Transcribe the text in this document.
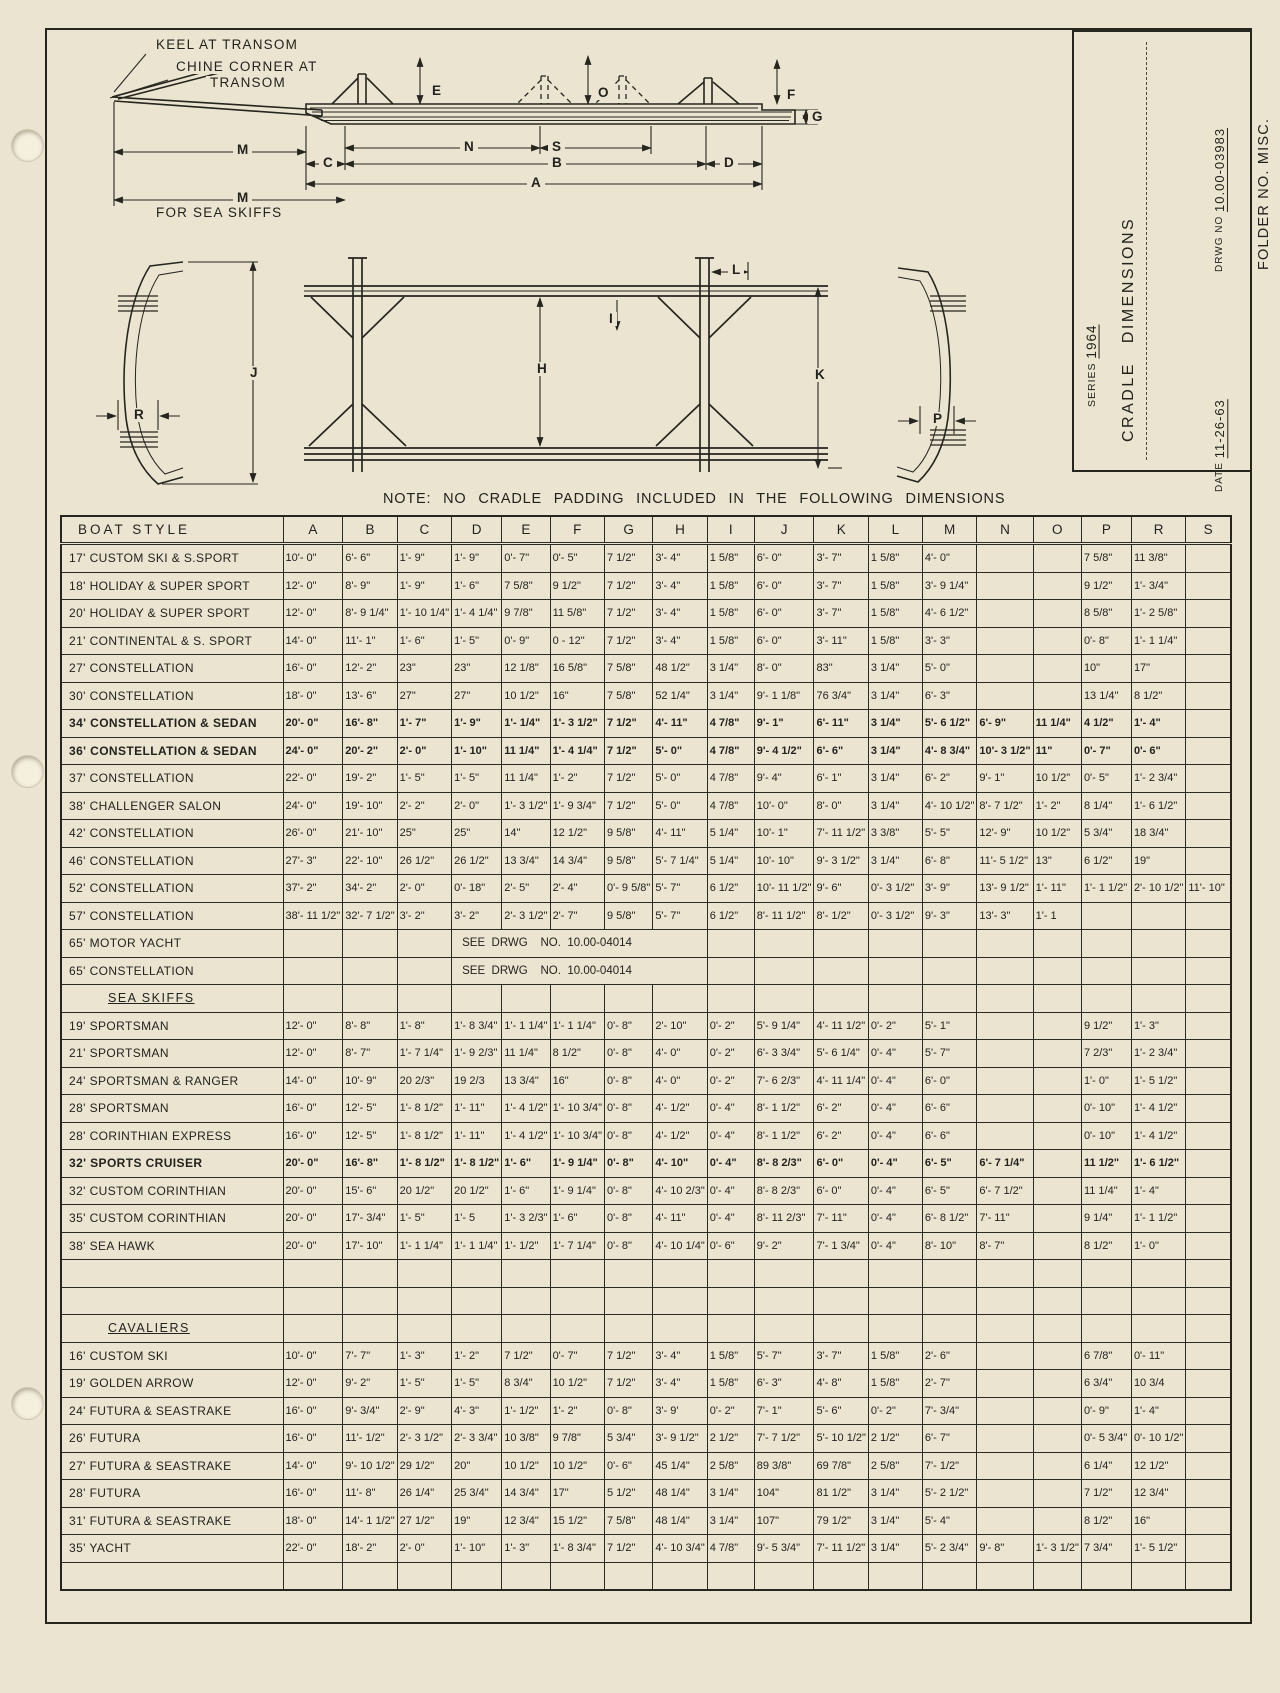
KEEL AT TRANSOM
CHINE CORNER AT
TRANSOM
M
M
FOR SEA SKIFFS
E	O	F
G
N	S
C	B	D
A
L
I
J	H	K
R	P
NOTE: NO CRADLE PADDING INCLUDED IN THE FOLLOWING DIMENSIONS
SERIES 1964 CRADLE DIMENSIONS	DRWG NO 10.00-03983
DATE 11-26-63
FOLDER NO. MISC.
BOAT STYLE	A	B	C	D	E	F	G	H	I	J	K	L	M	N	O	P	R	S
17' CUSTOM SKI & S.SPORT	10'- 0"	6'- 6"	1'- 9"	1'- 9"	0'- 7"	0'- 5"	7 1/2"	3'- 4"	1 5/8"	6'- 0"	3'- 7"	1 5/8"	4'- 0"			7 5/8"	11 3/8"	
18' HOLIDAY & SUPER SPORT	12'- 0"	8'- 9"	1'- 9"	1'- 6"	7 5/8"	9 1/2"	7 1/2"	3'- 4"	1 5/8"	6'- 0"	3'- 7"	1 5/8"	3'- 9 1/4"			9 1/2"	1'- 3/4"	
20' HOLIDAY & SUPER SPORT	12'- 0"	8'- 9 1/4"	1'- 10 1/4"	1'- 4 1/4"	9 7/8"	11 5/8"	7 1/2"	3'- 4"	1 5/8"	6'- 0"	3'- 7"	1 5/8"	4'- 6 1/2"			8 5/8"	1'- 2 5/8"	
21' CONTINENTAL & S. SPORT	14'- 0"	11'- 1"	1'- 6"	1'- 5"	0'- 9"	0 - 12"	7 1/2"	3'- 4"	1 5/8"	6'- 0"	3'- 11"	1 5/8"	3'- 3"			0'- 8"	1'- 1 1/4"	
27' CONSTELLATION	16'- 0"	12'- 2"	23"	23"	12 1/8"	16 5/8"	7 5/8"	48 1/2"	3 1/4"	8'- 0"	83"	3 1/4"	5'- 0"			10"	17"	
30' CONSTELLATION	18'- 0"	13'- 6"	27"	27"	10 1/2"	16"	7 5/8"	52 1/4"	3 1/4"	9'- 1 1/8"	76 3/4"	3 1/4"	6'- 3"			13 1/4"	8 1/2"	
34' CONSTELLATION & SEDAN	20'- 0"	16'- 8"	1'- 7"	1'- 9"	1'- 1/4"	1'- 3 1/2"	7 1/2"	4'- 11"	4 7/8"	9'- 1"	6'- 11"	3 1/4"	5'- 6 1/2"	6'- 9"	11 1/4"	4 1/2"	1'- 4"	
36' CONSTELLATION & SEDAN	24'- 0"	20'- 2"	2'- 0"	1'- 10"	11 1/4"	1'- 4 1/4"	7 1/2"	5'- 0"	4 7/8"	9'- 4 1/2"	6'- 6"	3 1/4"	4'- 8 3/4"	10'- 3 1/2"	11"	0'- 7"	0'- 6"	
37' CONSTELLATION	22'- 0"	19'- 2"	1'- 5"	1'- 5"	11 1/4"	1'- 2"	7 1/2"	5'- 0"	4 7/8"	9'- 4"	6'- 1"	3 1/4"	6'- 2"	9'- 1"	10 1/2"	0'- 5"	1'- 2 3/4"	
38' CHALLENGER SALON	24'- 0"	19'- 10"	2'- 2"	2'- 0"	1'- 3 1/2"	1'- 9 3/4"	7 1/2"	5'- 0"	4 7/8"	10'- 0"	8'- 0"	3 1/4"	4'- 10 1/2"	8'- 7 1/2"	1'- 2"	8 1/4"	1'- 6 1/2"	
42' CONSTELLATION	26'- 0"	21'- 10"	25"	25"	14"	12 1/2"	9 5/8"	4'- 11"	5 1/4"	10'- 1"	7'- 11 1/2"	3 3/8"	5'- 5"	12'- 9"	10 1/2"	5 3/4"	18 3/4"	
46' CONSTELLATION	27'- 3"	22'- 10"	26 1/2"	26 1/2"	13 3/4"	14 3/4"	9 5/8"	5'- 7 1/4"	5 1/4"	10'- 10"	9'- 3 1/2"	3 1/4"	6'- 8"	11'- 5 1/2"	13"	6 1/2"	19"	
52' CONSTELLATION	37'- 2"	34'- 2"	2'- 0"	0'- 18"	2'- 5"	2'- 4"	0'- 9 5/8"	5'- 7"	6 1/2"	10'- 11 1/2"	9'- 6"	0'- 3 1/2"	3'- 9"	13'- 9 1/2"	1'- 11"	1'- 1 1/2"	2'- 10 1/2"	11'- 10"
57' CONSTELLATION	38'- 11 1/2"	32'- 7 1/2"	3'- 2"	3'- 2"	2'- 3 1/2"	2'- 7"	9 5/8"	5'- 7"	6 1/2"	8'- 11 1/2"	8'- 1/2"	0'- 3 1/2"	9'- 3"	13'- 3"	1'- 1			
65' MOTOR YACHT				SEE  DRWG    NO.  10.00-04014														
65' CONSTELLATION				SEE  DRWG    NO.  10.00-04014														
SEA SKIFFS																		
19' SPORTSMAN	12'- 0"	8'- 8"	1'- 8"	1'- 8 3/4"	1'- 1 1/4"	1'- 1 1/4"	0'- 8"	2'- 10"	0'- 2"	5'- 9 1/4"	4'- 11 1/2"	0'- 2"	5'- 1"			9 1/2"	1'- 3"	
21' SPORTSMAN	12'- 0"	8'- 7"	1'- 7 1/4"	1'- 9 2/3"	11 1/4"	8 1/2"	0'- 8"	4'- 0"	0'- 2"	6'- 3 3/4"	5'- 6 1/4"	0'- 4"	5'- 7"			7 2/3"	1'- 2 3/4"	
24' SPORTSMAN & RANGER	14'- 0"	10'- 9"	20 2/3"	19 2/3	13 3/4"	16"	0'- 8"	4'- 0"	0'- 2"	7'- 6 2/3"	4'- 11 1/4"	0'- 4"	6'- 0"			1'- 0"	1'- 5 1/2"	
28' SPORTSMAN	16'- 0"	12'- 5"	1'- 8 1/2"	1'- 11"	1'- 4 1/2"	1'- 10 3/4"	0'- 8"	4'- 1/2"	0'- 4"	8'- 1 1/2"	6'- 2"	0'- 4"	6'- 6"			0'- 10"	1'- 4 1/2"	
28' CORINTHIAN EXPRESS	16'- 0"	12'- 5"	1'- 8 1/2"	1'- 11"	1'- 4 1/2"	1'- 10 3/4"	0'- 8"	4'- 1/2"	0'- 4"	8'- 1 1/2"	6'- 2"	0'- 4"	6'- 6"			0'- 10"	1'- 4 1/2"	
32' SPORTS CRUISER	20'- 0"	16'- 8"	1'- 8 1/2"	1'- 8 1/2"	1'- 6"	1'- 9 1/4"	0'- 8"	4'- 10"	0'- 4"	8'- 8 2/3"	6'- 0"	0'- 4"	6'- 5"	6'- 7 1/4"		11 1/2"	1'- 6 1/2"	
32' CUSTOM CORINTHIAN	20'- 0"	15'- 6"	20 1/2"	20 1/2"	1'- 6"	1'- 9 1/4"	0'- 8"	4'- 10 2/3"	0'- 4"	8'- 8 2/3"	6'- 0"	0'- 4"	6'- 5"	6'- 7 1/2"		11 1/4"	1'- 4"	
35' CUSTOM CORINTHIAN	20'- 0"	17'- 3/4"	1'- 5"	1'- 5	1'- 3 2/3"	1'- 6"	0'- 8"	4'- 11"	0'- 4"	8'- 11 2/3"	7'- 11"	0'- 4"	6'- 8 1/2"	7'- 11"		9 1/4"	1'- 1 1/2"	
38' SEA HAWK	20'- 0"	17'- 10"	1'- 1 1/4"	1'- 1 1/4"	1'- 1/2"	1'- 7 1/4"	0'- 8"	4'- 10 1/4"	0'- 6"	9'- 2"	7'- 1 3/4"	0'- 4"	8'- 10"	8'- 7"		8 1/2"	1'- 0"	

CAVALIERS																		
16' CUSTOM SKI	10'- 0"	7'- 7"	1'- 3"	1'- 2"	7 1/2"	0'- 7"	7 1/2"	3'- 4"	1 5/8"	5'- 7"	3'- 7"	1 5/8"	2'- 6"			6 7/8"	0'- 11"	
19' GOLDEN ARROW	12'- 0"	9'- 2"	1'- 5"	1'- 5"	8 3/4"	10 1/2"	7 1/2"	3'- 4"	1 5/8"	6'- 3"	4'- 8"	1 5/8"	2'- 7"			6 3/4"	10 3/4	
24' FUTURA & SEASTRAKE	16'- 0"	9'- 3/4"	2'- 9"	4'- 3"	1'- 1/2"	1'- 2"	0'- 8"	3'- 9'	0'- 2"	7'- 1"	5'- 6"	0'- 2"	7'- 3/4"			0'- 9"	1'- 4"	
26' FUTURA	16'- 0"	11'- 1/2"	2'- 3 1/2"	2'- 3 3/4"	10 3/8"	9 7/8"	5 3/4"	3'- 9 1/2"	2 1/2"	7'- 7 1/2"	5'- 10 1/2"	2 1/2"	6'- 7"			0'- 5 3/4"	0'- 10 1/2"	
27' FUTURA & SEASTRAKE	14'- 0"	9'- 10 1/2"	29 1/2"	20"	10 1/2"	10 1/2"	0'- 6"	45 1/4"	2 5/8"	89 3/8"	69 7/8"	2 5/8"	7'- 1/2"			6 1/4"	12 1/2"	
28' FUTURA	16'- 0"	11'- 8"	26 1/4"	25 3/4"	14 3/4"	17"	5 1/2"	48 1/4"	3 1/4"	104"	81 1/2"	3 1/4"	5'- 2 1/2"			7 1/2"	12 3/4"	
31' FUTURA & SEASTRAKE	18'- 0"	14'- 1 1/2"	27 1/2"	19"	12 3/4"	15 1/2"	7 5/8"	48 1/4"	3 1/4"	107"	79 1/2"	3 1/4"	5'- 4"			8 1/2"	16"	
35' YACHT	22'- 0"	18'- 2"	2'- 0"	1'- 10"	1'- 3"	1'- 8 3/4"	7 1/2"	4'- 10 3/4"	4 7/8"	9'- 5 3/4"	7'- 11 1/2"	3 1/4"	5'- 2 3/4"	9'- 8"	1'- 3 1/2"	7 3/4"	1'- 5 1/2"	
